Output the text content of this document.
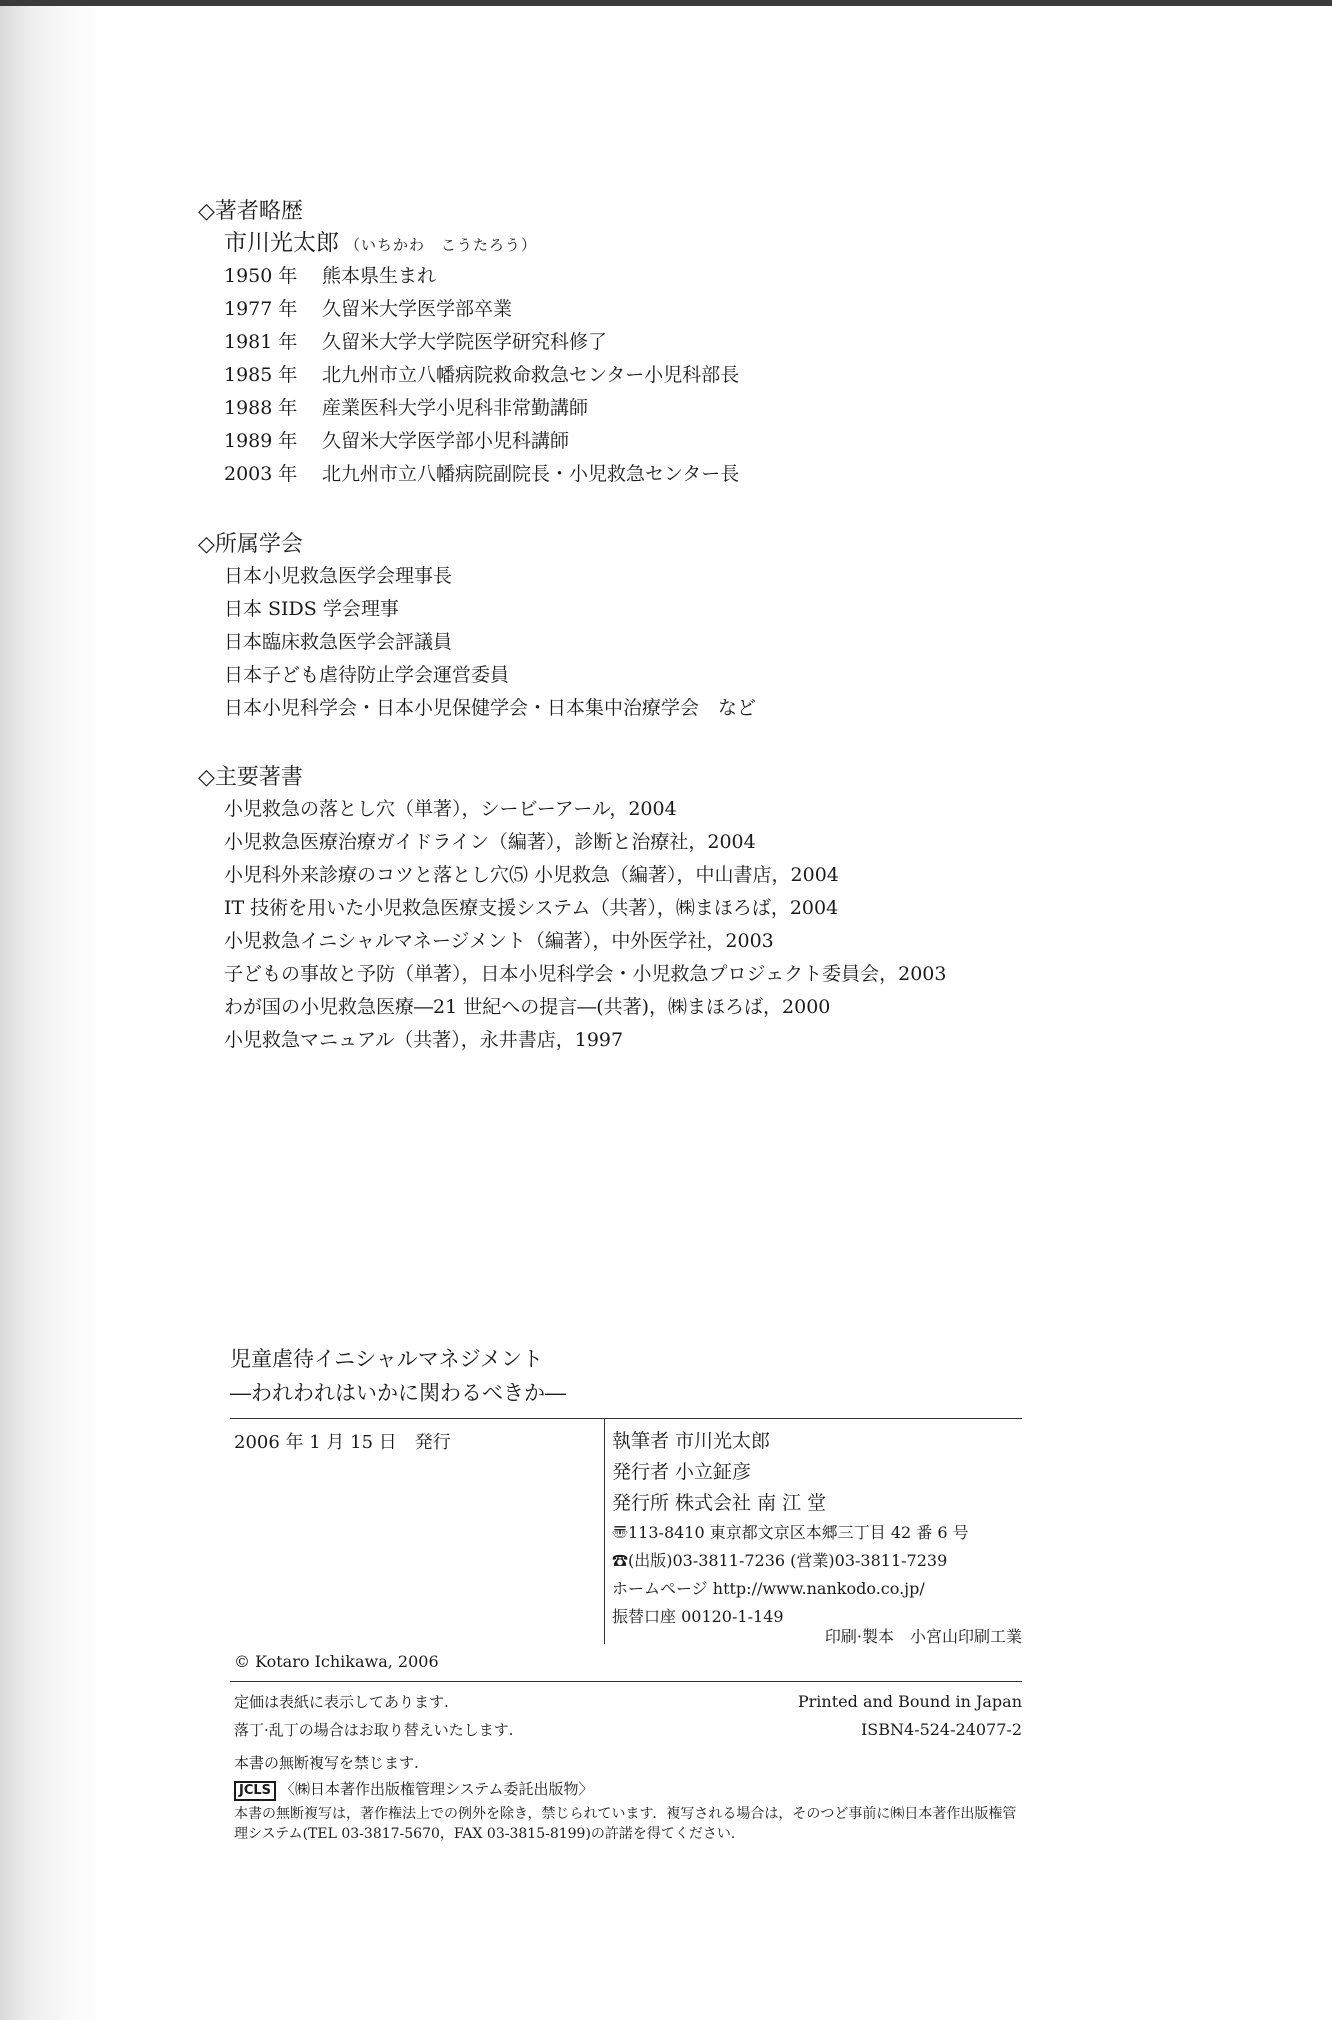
◇著者略歴
市川光太郎 （いちかわ　こうたろう）
1950 年 熊本県生まれ
1977 年 久留米大学医学部卒業
1981 年 久留米大学大学院医学研究科修了
1985 年 北九州市立八幡病院救命救急センター小児科部長
1988 年 産業医科大学小児科非常勤講師
1989 年 久留米大学医学部小児科講師
2003 年 北九州市立八幡病院副院長・小児救急センター長
◇所属学会
日本小児救急医学会理事長
日本 SIDS 学会理事
日本臨床救急医学会評議員
日本子ども虐待防止学会運営委員
日本小児科学会・日本小児保健学会・日本集中治療学会　など
◇主要著書
小児救急の落とし穴（単著），シービーアール，2004
小児救急医療治療ガイドライン（編著），診断と治療社，2004
小児科外来診療のコツと落とし穴⑸ 小児救急（編著），中山書店，2004
IT 技術を用いた小児救急医療支援システム（共著），㈱まほろば，2004
小児救急イニシャルマネージメント（編著），中外医学社，2003
子どもの事故と予防（単著），日本小児科学会・小児救急プロジェクト委員会，2003
わが国の小児救急医療―21 世紀への提言―(共著)，㈱まほろば，2000
小児救急マニュアル（共著），永井書店，1997
児童虐待イニシャルマネジメント
―われわれはいかに関わるべきか―
2006 年 1 月 15 日　発行	執筆者 市川光太郎
発行者 小立鉦彦
発行所 株式会社 南 江 堂
〠113-8410 東京都文京区本郷三丁目 42 番 6 号
☎(出版)03-3811-7236 (営業)03-3811-7239
ホームページ http://www.nankodo.co.jp/
振替口座 00120-1-149
印刷·製本　小宮山印刷工業
© Kotaro Ichikawa, 2006
定価は表紙に表示してあります.
落丁·乱丁の場合はお取り替えいたします.
Printed and Bound in Japan
ISBN4-524-24077-2
本書の無断複写を禁じます.
JCLS 〈㈱日本著作出版権管理システム委託出版物〉
本書の無断複写は，著作権法上での例外を除き，禁じられています．複写される場合は，そのつど事前に㈱日本著作出版権管理システム(TEL 03-3817-5670，FAX 03-3815-8199)の許諾を得てください.
